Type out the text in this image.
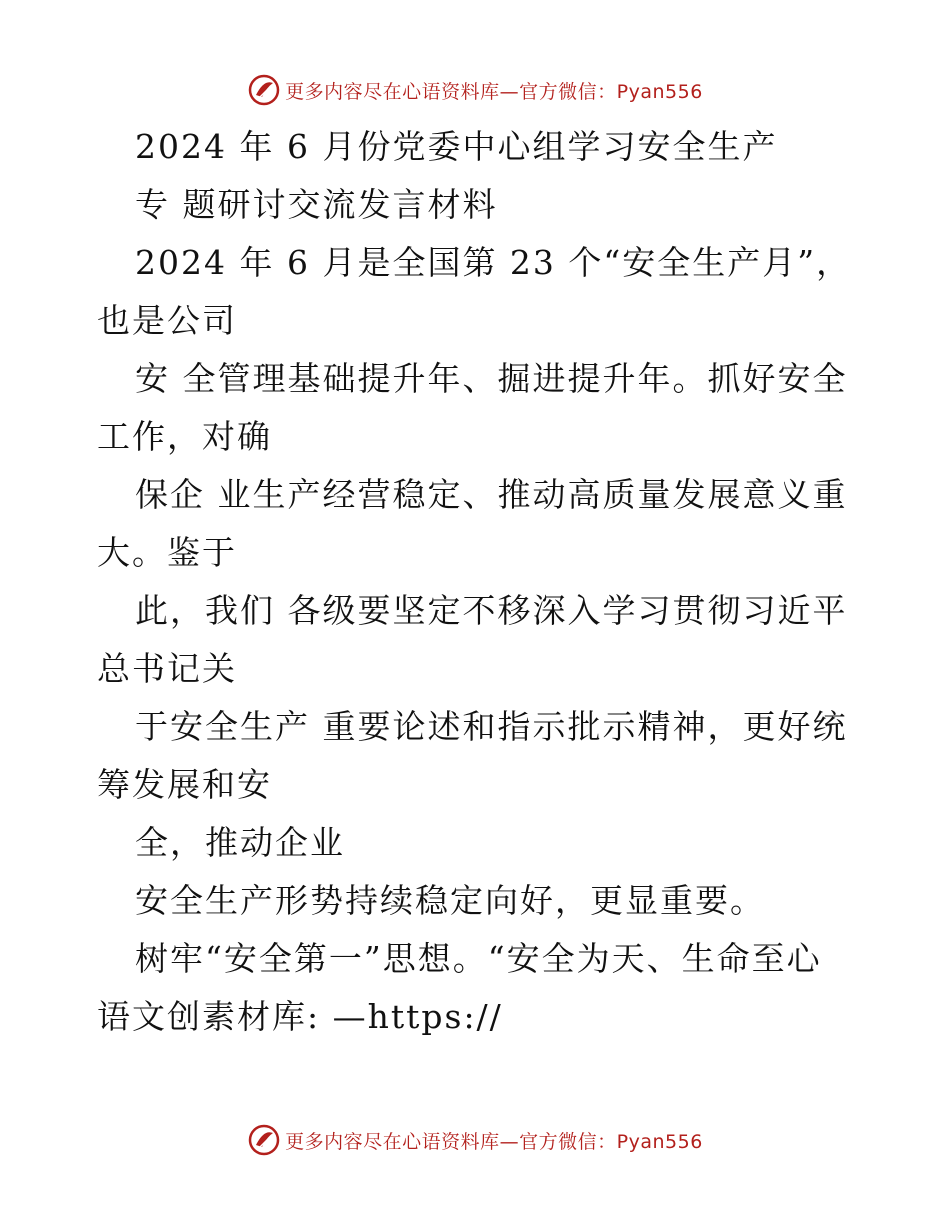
更多内容尽在心语资料库—官方微信：Pyan556
2024 年 6 月份党委中心组学习安全生产
专 题研讨交流发言材料
2024 年 6 月是全国第 23 个“安全生产月”，
也是公司
安 全管理基础提升年、掘进提升年。抓好安全
工作，对确
保企 业生产经营稳定、推动高质量发展意义重
大。鉴于
此，我们 各级要坚定不移深入学习贯彻习近平
总书记关
于安全生产 重要论述和指示批示精神，更好统
筹发展和安
全，推动企业
安全生产形势持续稳定向好，更显重要。
树牢“安全第一”思想。“安全为天、生命至心
语文创素材库: —https://
更多内容尽在心语资料库—官方微信：Pyan556
